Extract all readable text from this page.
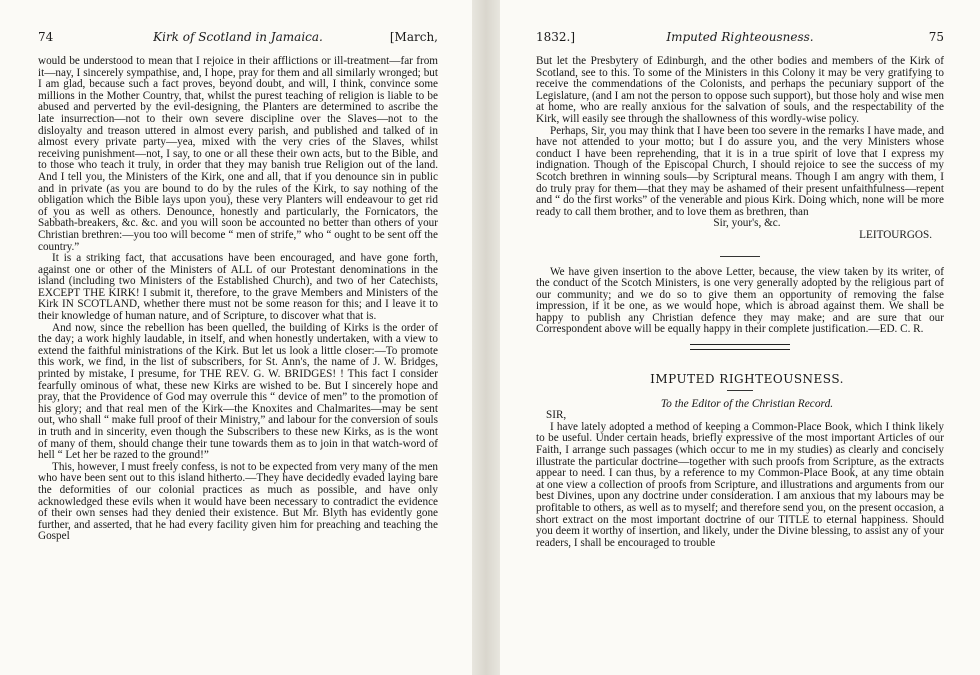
74	Kirk of Scotland in Jamaica.	[March,

would be understood to mean that I rejoice in their afflictions or ill-treatment—far from it—nay, I sincerely sympathise, and, I hope, pray for them and all similarly wronged; but I am glad, because such a fact proves, beyond doubt, and will, I think, convince some millions in the Mother Country, that, whilst the purest teaching of religion is liable to be abused and perverted by the evil-designing, the Planters are determined to ascribe the late insurrection—not to their own severe discipline over the Slaves—not to the disloyalty and treason uttered in almost every parish, and published and talked of in almost every private party—yea, mixed with the very cries of the Slaves, whilst receiving punishment—not, I say, to one or all these their own acts, but to the Bible, and to those who teach it truly, in order that they may banish true Religion out of the land. And I tell you, the Ministers of the Kirk, one and all, that if you denounce sin in public and in private (as you are bound to do by the rules of the Kirk, to say nothing of the obligation which the Bible lays upon you), these very Planters will endeavour to get rid of you as well as others. Denounce, honestly and particularly, the Fornicators, the Sabbath-breakers, &c. &c. and you will soon be accounted no better than others of your Christian brethren:—you too will become “ men of strife,” who “ ought to be sent off the country.”

It is a striking fact, that accusations have been encouraged, and have gone forth, against one or other of the Ministers of ALL of our Protestant denominations in the island (including two Ministers of the Established Church), and two of her Catechists, EXCEPT THE KIRK! I submit it, therefore, to the grave Members and Ministers of the Kirk IN SCOTLAND, whether there must not be some reason for this; and I leave it to their knowledge of human nature, and of Scripture, to discover what that is.

And now, since the rebellion has been quelled, the building of Kirks is the order of the day; a work highly laudable, in itself, and when honestly undertaken, with a view to extend the faithful ministrations of the Kirk. But let us look a little closer:—To promote this work, we find, in the list of subscribers, for St. Ann's, the name of J. W. Bridges, printed by mistake, I presume, for THE REV. G. W. BRIDGES! ! This fact I consider fearfully ominous of what, these new Kirks are wished to be. But I sincerely hope and pray, that the Providence of God may overrule this “ device of men” to the promotion of his glory; and that real men of the Kirk—the Knoxites and Chalmarites—may be sent out, who shall “ make full proof of their Ministry,” and labour for the conversion of souls in truth and in sincerity, even though the Subscribers to these new Kirks, as is the wont of many of them, should change their tune towards them as to join in that watch-word of hell “ Let her be razed to the ground!”

This, however, I must freely confess, is not to be expected from very many of the men who have been sent out to this island hitherto.—They have decidedly evaded laying bare the deformities of our colonial practices as much as possible, and have only acknowledged these evils when it would have been necessary to contradict the evidence of their own senses had they denied their existence. But Mr. Blyth has evidently gone further, and asserted, that he had every facility given him for preaching and teaching the Gospel

1832.]	Imputed Righteousness.	75

But let the Presbytery of Edinburgh, and the other bodies and members of the Kirk of Scotland, see to this. To some of the Ministers in this Colony it may be very gratifying to receive the commendations of the Colonists, and perhaps the pecuniary support of the Legislature, (and I am not the person to oppose such support), but those holy and wise men at home, who are really anxious for the salvation of souls, and the respectability of the Kirk, will easily see through the shallowness of this wordly-wise policy.

Perhaps, Sir, you may think that I have been too severe in the remarks I have made, and have not attended to your motto; but I do assure you, and the very Ministers whose conduct I have been reprehending, that it is in a true spirit of love that I express my indignation. Though of the Episcopal Church, I should rejoice to see the success of my Scotch brethren in winning souls—by Scriptural means. Though I am angry with them, I do truly pray for them—that they may be ashamed of their present unfaithfulness—repent and “ do the first works” of the venerable and pious Kirk. Doing which, none will be more ready to call them brother, and to love them as brethren, than

Sir, your's, &c.

LEITOURGOS.

We have given insertion to the above Letter, because, the view taken by its writer, of the conduct of the Scotch Ministers, is one very generally adopted by the religious part of our community; and we do so to give them an opportunity of removing the false impression, if it be one, as we would hope, which is abroad against them. We shall be happy to publish any Christian defence they may make; and are sure that our Correspondent above will be equally happy in their complete justification.—ED. C. R.

IMPUTED RIGHTEOUSNESS.

To the Editor of the Christian Record.

SIR,

I have lately adopted a method of keeping a Common-Place Book, which I think likely to be useful. Under certain heads, briefly expressive of the most important Articles of our Faith, I arrange such passages (which occur to me in my studies) as clearly and concisely illustrate the particular doctrine—together with such proofs from Scripture, as the extracts appear to need. I can thus, by a reference to my Common-Place Book, at any time obtain at one view a collection of proofs from Scripture, and illustrations and arguments from our best Divines, upon any doctrine under consideration. I am anxious that my labours may be profitable to others, as well as to myself; and therefore send you, on the present occasion, a short extract on the most important doctrine of our TITLE to eternal happiness. Should you deem it worthy of insertion, and likely, under the Divine blessing, to assist any of your readers, I shall be encouraged to trouble
